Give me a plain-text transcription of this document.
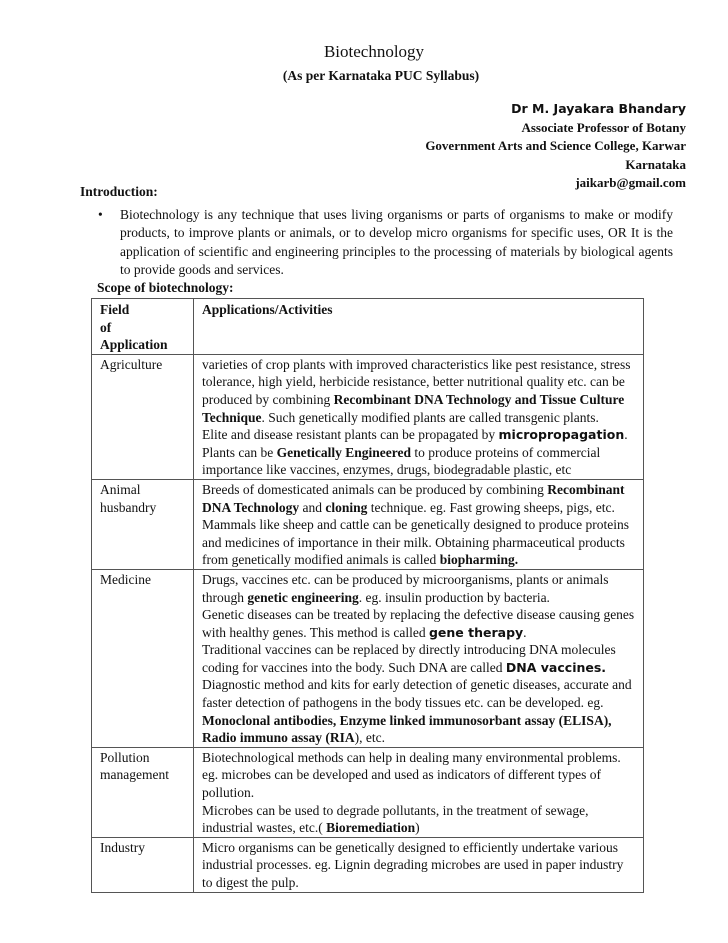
Biotechnology
(As per Karnataka PUC Syllabus)
Dr M. Jayakara Bhandary
Associate Professor of Botany
Government Arts and Science College, Karwar
Karnataka
jaikarb@gmail.com
Introduction:
• Biotechnology is any technique that uses living organisms or parts of organisms to make or modify products, to improve plants or animals, or to develop micro organisms for specific uses, OR It is the application of scientific and engineering principles to the processing of materials by biological agents to provide goods and services.
Scope of biotechnology:
Field
of
Application	Applications/Activities
Agriculture	varieties of crop plants with improved characteristics like pest resistance, stress tolerance, high yield, herbicide resistance, better nutritional quality etc. can be produced by combining Recombinant DNA Technology and Tissue Culture Technique. Such genetically modified plants are called transgenic plants.
Elite and disease resistant plants can be propagated by micropropagation.
Plants can be Genetically Engineered to produce proteins of commercial importance like vaccines, enzymes, drugs, biodegradable plastic, etc

Animal husbandry	Breeds of domesticated animals can be produced by combining Recombinant DNA Technology and cloning technique. eg. Fast growing sheeps, pigs, etc.
Mammals like sheep and cattle can be genetically designed to produce proteins and medicines of importance in their milk. Obtaining pharmaceutical products from genetically modified animals is called biopharming.

Medicine	Drugs, vaccines etc. can be produced by microorganisms, plants or animals through genetic engineering. eg. insulin production by bacteria.
Genetic diseases can be treated by replacing the defective disease causing genes with healthy genes. This method is called gene therapy.
Traditional vaccines can be replaced by directly introducing DNA molecules coding for vaccines into the body. Such DNA are called DNA vaccines.
Diagnostic method and kits for early detection of genetic diseases, accurate and faster detection of pathogens in the body tissues etc. can be developed. eg. Monoclonal antibodies, Enzyme linked immunosorbant assay (ELISA), Radio immuno assay (RIA), etc.

Pollution management	Biotechnological methods can help in dealing many environmental problems. eg. microbes can be developed and used as indicators of different types of pollution.
Microbes can be used to degrade pollutants, in the treatment of sewage, industrial wastes, etc.( Bioremediation)

Industry	Micro organisms can be genetically designed to efficiently undertake various industrial processes. eg. Lignin degrading microbes are used in paper industry to digest the pulp.
